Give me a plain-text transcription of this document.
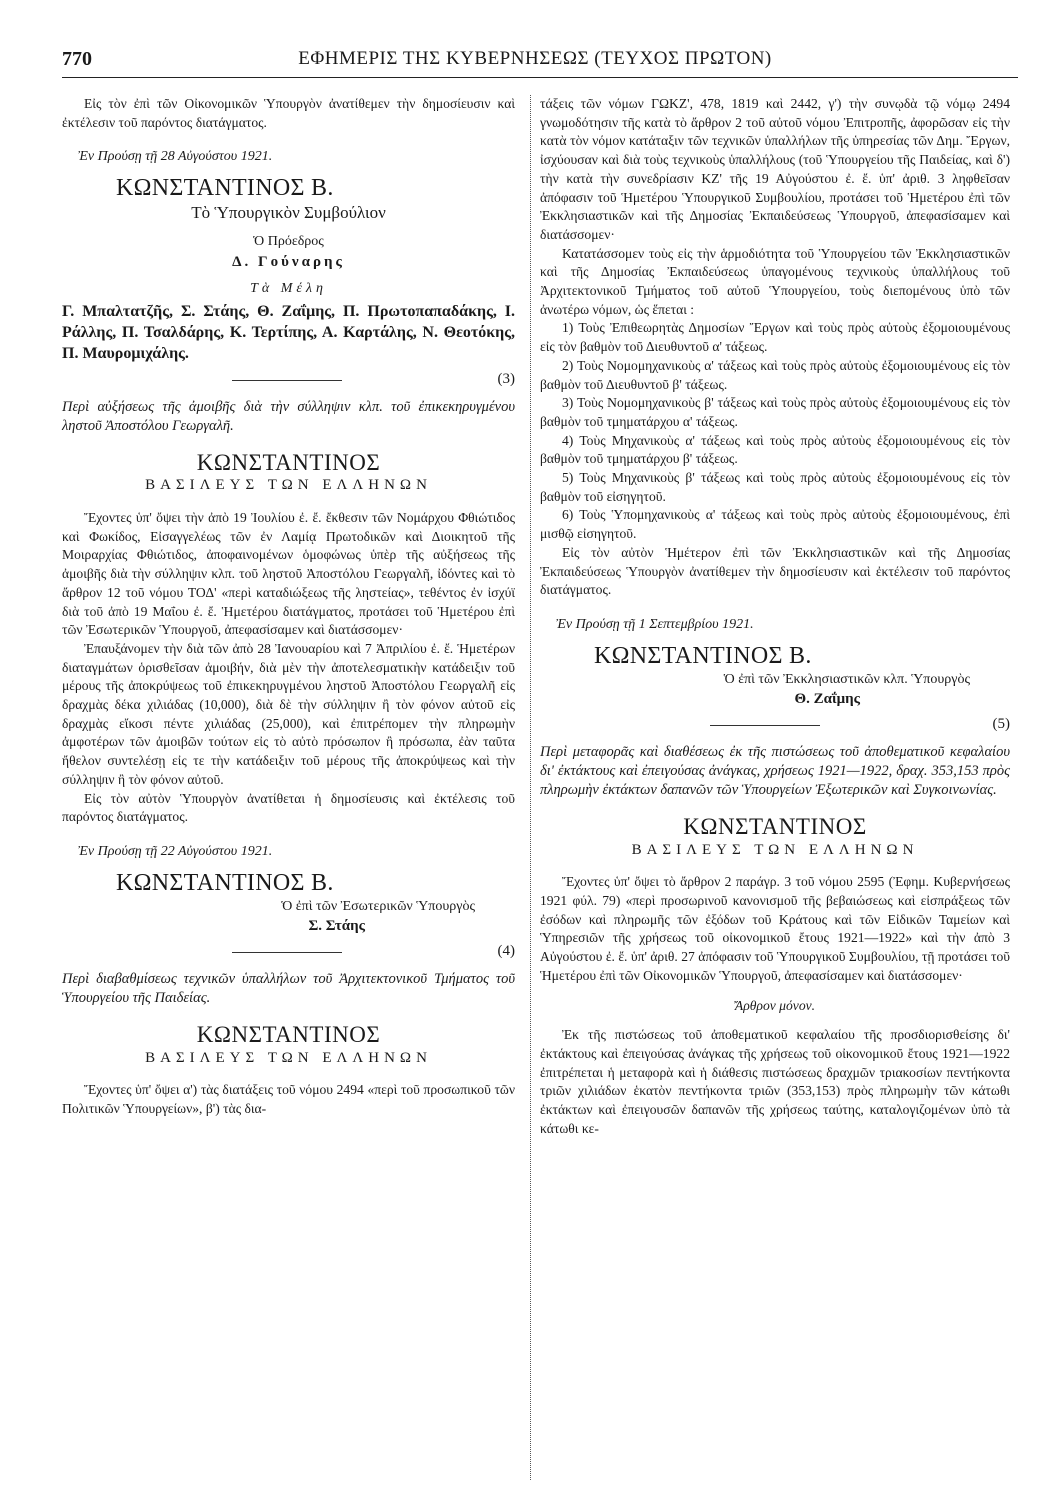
770	ΕΦΗΜΕΡΙΣ ΤΗΣ ΚΥΒΕΡΝΗΣΕΩΣ (ΤΕΥΧΟΣ ΠΡΩΤΟΝ)

Εἰς τὸν ἐπὶ τῶν Οἰκονομικῶν Ὑπουργὸν ἀνατίθεμεν τὴν δημοσίευσιν καὶ ἐκτέλεσιν τοῦ παρόντος διατάγματος.

Ἐν Προύσῃ τῇ 28 Αὐγούστου 1921.

ΚΩΝΣΤΑΝΤΙΝΟΣ Β.
Τὸ Ὑπουργικὸν Συμβούλιον
Ὁ Πρόεδρος
Δ. Γούναρης
Τὰ Μέλη

Γ. Μπαλτατζῆς, Σ. Στάης, Θ. Ζαΐμης, Π. Πρωτοπαπαδάκης, Ι. Ράλλης, Π. Τσαλδάρης, Κ. Τερτίπης, Α. Καρτάλης, Ν. Θεοτόκης, Π. Μαυρομιχάλης.

(3)

Περὶ αὐξήσεως τῆς ἀμοιβῆς διὰ τὴν σύλληψιν κλπ. τοῦ ἐπικεκηρυγμένου ληστοῦ Ἀποστόλου Γεωργαλῆ.

ΚΩΝΣΤΑΝΤΙΝΟΣ
ΒΑΣΙΛΕΥΣ ΤΩΝ ΕΛΛΗΝΩΝ

Ἔχοντες ὑπ' ὄψει τὴν ἀπὸ 19 Ἰουλίου ἐ. ἔ. ἔκθεσιν τῶν Νομάρχου Φθιώτιδος καὶ Φωκίδος, Εἰσαγγελέως τῶν ἐν Λαμίᾳ Πρωτοδικῶν καὶ Διοικητοῦ τῆς Μοιραρχίας Φθιώτιδος, ἀποφαινομένων ὁμοφώνως ὑπὲρ τῆς αὐξήσεως τῆς ἀμοιβῆς διὰ τὴν σύλληψιν κλπ. τοῦ ληστοῦ Ἀποστόλου Γεωργαλῆ, ἰδόντες καὶ τὸ ἄρθρον 12 τοῦ νόμου ΤΟΔ' «περὶ καταδιώξεως τῆς ληστείας», τεθέντος ἐν ἰσχύϊ διὰ τοῦ ἀπὸ 19 Μαΐου ἐ. ἔ. Ἡμετέρου διατάγματος, προτάσει τοῦ Ἡμετέρου ἐπὶ τῶν Ἐσωτερικῶν Ὑπουργοῦ, ἀπεφασίσαμεν καὶ διατάσσομεν·

Ἐπαυξάνομεν τὴν διὰ τῶν ἀπὸ 28 Ἰανουαρίου καὶ 7 Ἀπριλίου ἐ. ἔ. Ἡμετέρων διαταγμάτων ὁρισθεῖσαν ἀμοιβήν, διὰ μὲν τὴν ἀποτελεσματικὴν κατάδειξιν τοῦ μέρους τῆς ἀποκρύψεως τοῦ ἐπικεκηρυγμένου ληστοῦ Ἀποστόλου Γεωργαλῆ εἰς δραχμὰς δέκα χιλιάδας (10,000), διὰ δὲ τὴν σύλληψιν ἢ τὸν φόνον αὐτοῦ εἰς δραχμὰς εἴκοσι πέντε χιλιάδας (25,000), καὶ ἐπιτρέπομεν τὴν πληρωμὴν ἀμφοτέρων τῶν ἀμοιβῶν τούτων εἰς τὸ αὐτὸ πρόσωπον ἢ πρόσωπα, ἐὰν ταῦτα ἤθελον συντελέσῃ εἰς τε τὴν κατάδειξιν τοῦ μέρους τῆς ἀποκρύψεως καὶ τὴν σύλληψιν ἢ τὸν φόνον αὐτοῦ.

Εἰς τὸν αὐτὸν Ὑπουργὸν ἀνατίθεται ἡ δημοσίευσις καὶ ἐκτέλεσις τοῦ παρόντος διατάγματος.

Ἐν Προύσῃ τῇ 22 Αὐγούστου 1921.

ΚΩΝΣΤΑΝΤΙΝΟΣ Β.
Ὁ ἐπὶ τῶν Ἐσωτερικῶν Ὑπουργὸς
Σ. Στάης
(4)

Περὶ διαβαθμίσεως τεχνικῶν ὑπαλλήλων τοῦ Ἀρχιτεκτονικοῦ Τμήματος τοῦ Ὑπουργείου τῆς Παιδείας.

ΚΩΝΣΤΑΝΤΙΝΟΣ
ΒΑΣΙΛΕΥΣ ΤΩΝ ΕΛΛΗΝΩΝ

Ἔχοντες ὑπ' ὄψει α') τὰς διατάξεις τοῦ νόμου 2494 «περὶ τοῦ προσωπικοῦ τῶν Πολιτικῶν Ὑπουργείων», β') τὰς δια-

τάξεις τῶν νόμων ΓΩΚΖ', 478, 1819 καὶ 2442, γ') τὴν συνῳδὰ τῷ νόμῳ 2494 γνωμοδότησιν τῆς κατὰ τὸ ἄρθρον 2 τοῦ αὐτοῦ νόμου Ἐπιτροπῆς, ἀφορῶσαν εἰς τὴν κατὰ τὸν νόμον κατάταξιν τῶν τεχνικῶν ὑπαλλήλων τῆς ὑπηρεσίας τῶν Δημ. Ἔργων, ἰσχύουσαν καὶ διὰ τοὺς τεχνικοὺς ὑπαλλήλους (τοῦ Ὑπουργείου τῆς Παιδείας, καὶ δ') τὴν κατὰ τὴν συνεδρίασιν ΚΖ' τῆς 19 Αὐγούστου ἐ. ἔ. ὑπ' ἀριθ. 3 ληφθεῖσαν ἀπόφασιν τοῦ Ἡμετέρου Ὑπουργικοῦ Συμβουλίου, προτάσει τοῦ Ἡμετέρου ἐπὶ τῶν Ἐκκλησιαστικῶν καὶ τῆς Δημοσίας Ἐκπαιδεύσεως Ὑπουργοῦ, ἀπεφασίσαμεν καὶ διατάσσομεν·

Κατατάσσομεν τοὺς εἰς τὴν ἁρμοδιότητα τοῦ Ὑπουργείου τῶν Ἐκκλησιαστικῶν καὶ τῆς Δημοσίας Ἐκπαιδεύσεως ὑπαγομένους τεχνικοὺς ὑπαλλήλους τοῦ Ἀρχιτεκτονικοῦ Τμήματος τοῦ αὐτοῦ Ὑπουργείου, τοὺς διεπομένους ὑπὸ τῶν ἀνωτέρω νόμων, ὡς ἕπεται :

1) Τοὺς Ἐπιθεωρητὰς Δημοσίων Ἔργων καὶ τοὺς πρὸς αὐτοὺς ἐξομοιουμένους εἰς τὸν βαθμὸν τοῦ Διευθυντοῦ α' τάξεως.

2) Τοὺς Νομομηχανικοὺς α' τάξεως καὶ τοὺς πρὸς αὐτοὺς ἐξομοιουμένους εἰς τὸν βαθμὸν τοῦ Διευθυντοῦ β' τάξεως.

3) Τοὺς Νομομηχανικοὺς β' τάξεως καὶ τοὺς πρὸς αὐτοὺς ἐξομοιουμένους εἰς τὸν βαθμὸν τοῦ τμηματάρχου α' τάξεως.

4) Τοὺς Μηχανικοὺς α' τάξεως καὶ τοὺς πρὸς αὐτοὺς ἐξομοιουμένους εἰς τὸν βαθμὸν τοῦ τμηματάρχου β' τάξεως.

5) Τοὺς Μηχανικοὺς β' τάξεως καὶ τοὺς πρὸς αὐτοὺς ἐξομοιουμένους εἰς τὸν βαθμὸν τοῦ εἰσηγητοῦ.

6) Τοὺς Ὑπομηχανικοὺς α' τάξεως καὶ τοὺς πρὸς αὐτοὺς ἐξομοιουμένους, ἐπὶ μισθῷ εἰσηγητοῦ.

Εἰς τὸν αὐτὸν Ἡμέτερον ἐπὶ τῶν Ἐκκλησιαστικῶν καὶ τῆς Δημοσίας Ἐκπαιδεύσεως Ὑπουργὸν ἀνατίθεμεν τὴν δημοσίευσιν καὶ ἐκτέλεσιν τοῦ παρόντος διατάγματος.

Ἐν Προύσῃ τῇ 1 Σεπτεμβρίου 1921.

ΚΩΝΣΤΑΝΤΙΝΟΣ Β.
Ὁ ἐπὶ τῶν Ἐκκλησιαστικῶν κλπ. Ὑπουργὸς
Θ. Ζαΐμης
(5)

Περὶ μεταφορᾶς καὶ διαθέσεως ἐκ τῆς πιστώσεως τοῦ ἀποθεματικοῦ κεφαλαίου δι' ἐκτάκτους καὶ ἐπειγούσας ἀνάγκας, χρήσεως 1921—1922, δραχ. 353,153 πρὸς πληρωμὴν ἐκτάκτων δαπανῶν τῶν Ὑπουργείων Ἐξωτερικῶν καὶ Συγκοινωνίας.

ΚΩΝΣΤΑΝΤΙΝΟΣ
ΒΑΣΙΛΕΥΣ ΤΩΝ ΕΛΛΗΝΩΝ

Ἔχοντες ὑπ' ὄψει τὸ ἄρθρον 2 παράγρ. 3 τοῦ νόμου 2595 (Ἐφημ. Κυβερνήσεως 1921 φύλ. 79) «περὶ προσωρινοῦ κανονισμοῦ τῆς βεβαιώσεως καὶ εἰσπράξεως τῶν ἐσόδων καὶ πληρωμῆς τῶν ἐξόδων τοῦ Κράτους καὶ τῶν Εἰδικῶν Ταμείων καὶ Ὑπηρεσιῶν τῆς χρήσεως τοῦ οἰκονομικοῦ ἔτους 1921—1922» καὶ τὴν ἀπὸ 3 Αὐγούστου ἐ. ἔ. ὑπ' ἀριθ. 27 ἀπόφασιν τοῦ Ὑπουργικοῦ Συμβουλίου, τῇ προτάσει τοῦ Ἡμετέρου ἐπὶ τῶν Οἰκονομικῶν Ὑπουργοῦ, ἀπεφασίσαμεν καὶ διατάσσομεν·

Ἄρθρον μόνον.

Ἐκ τῆς πιστώσεως τοῦ ἀποθεματικοῦ κεφαλαίου τῆς προσδιορισθείσης δι' ἐκτάκτους καὶ ἐπειγούσας ἀνάγκας τῆς χρήσεως τοῦ οἰκονομικοῦ ἔτους 1921—1922 ἐπιτρέπεται ἡ μεταφορὰ καὶ ἡ διάθεσις πιστώσεως δραχμῶν τριακοσίων πεντήκοντα τριῶν χιλιάδων ἑκατὸν πεντήκοντα τριῶν (353,153) πρὸς πληρωμὴν τῶν κάτωθι ἐκτάκτων καὶ ἐπειγουσῶν δαπανῶν τῆς χρήσεως ταύτης, καταλογιζομένων ὑπὸ τὰ κάτωθι κε-
